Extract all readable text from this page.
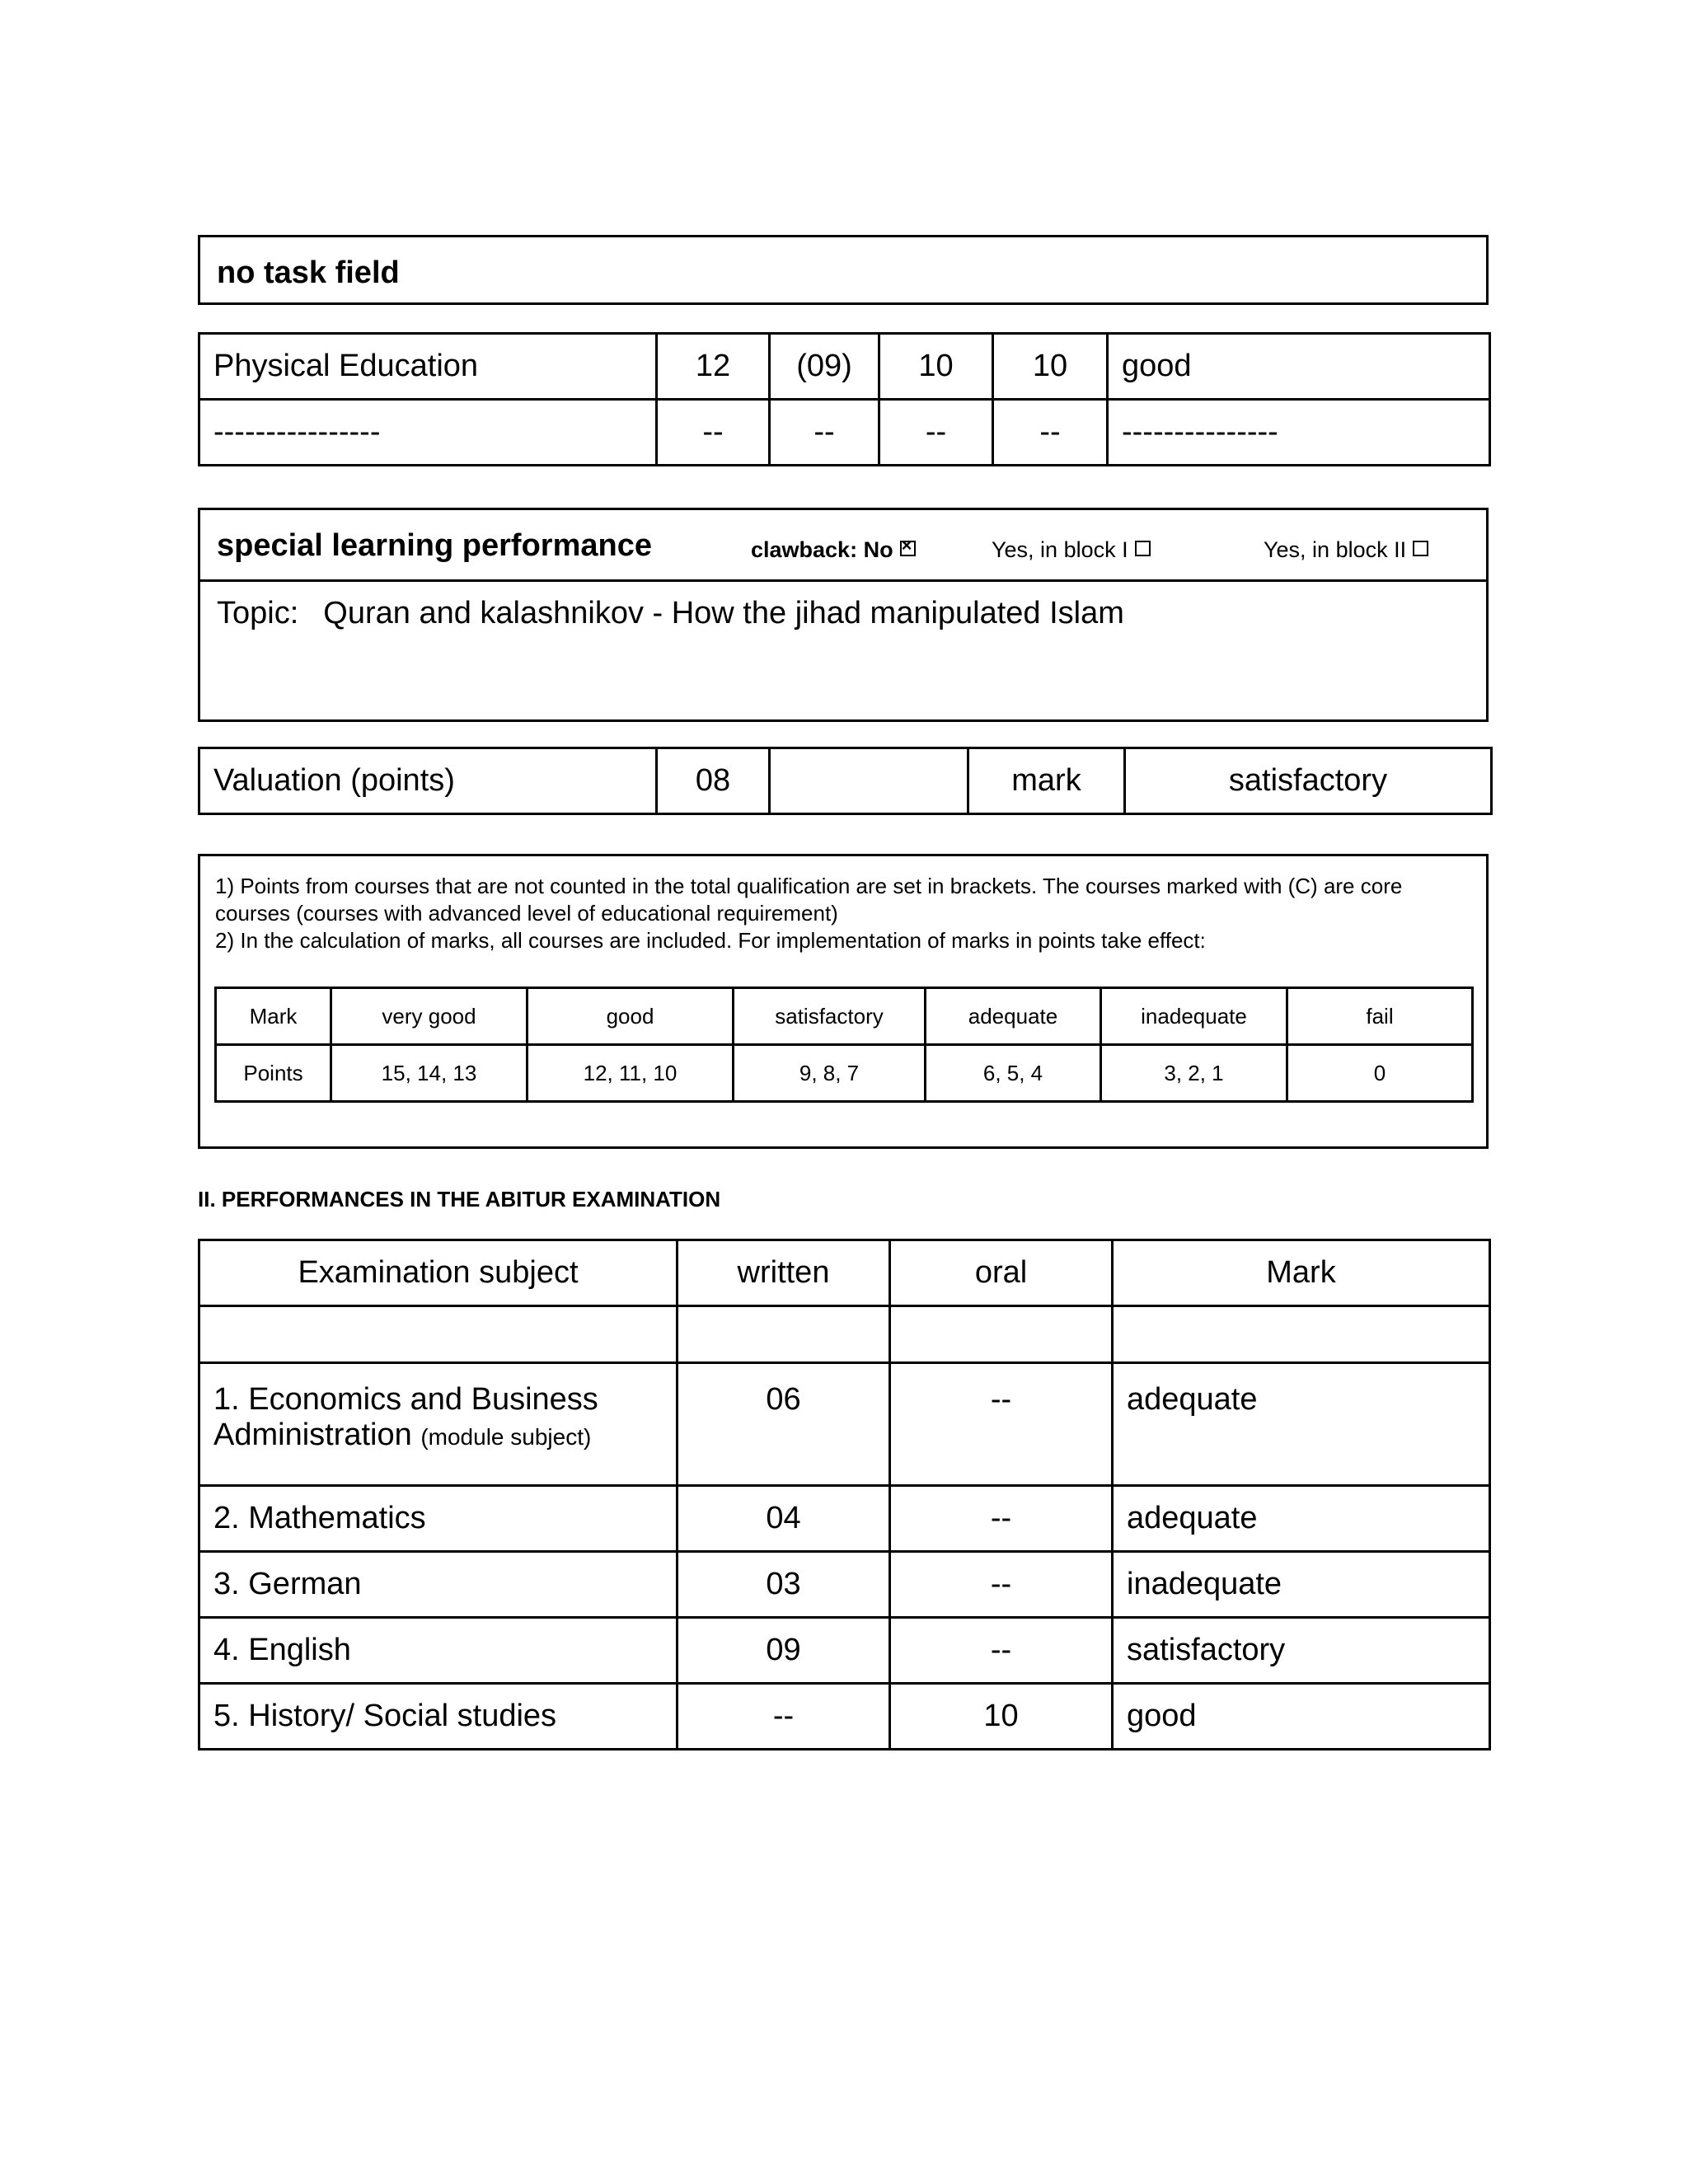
no task field
Physical Education	12	(09)	10	10	good
----------------	--	--	--	--	---------------
special learning performance	clawback: No ×	Yes, in block I	Yes, in block II
Topic: Quran and kalashnikov - How the jihad manipulated Islam
Valuation (points)	08		mark	satisfactory
1) Points from courses that are not counted in the total qualification are set in brackets. The courses marked with (C) are core courses (courses with advanced level of educational requirement)
2) In the calculation of marks, all courses are included. For implementation of marks in points take effect:
Mark	very good	good	satisfactory	adequate	inadequate	fail
Points	15, 14, 13	12, 11, 10	9, 8, 7	6, 5, 4	3, 2, 1	0
II. PERFORMANCES IN THE ABITUR EXAMINATION
Examination subject	written	oral	Mark

1. Economics and Business Administration (module subject)	06	--	adequate
2. Mathematics	04	--	adequate
3. German	03	--	inadequate
4. English	09	--	satisfactory
5. History/ Social studies	--	10	good
